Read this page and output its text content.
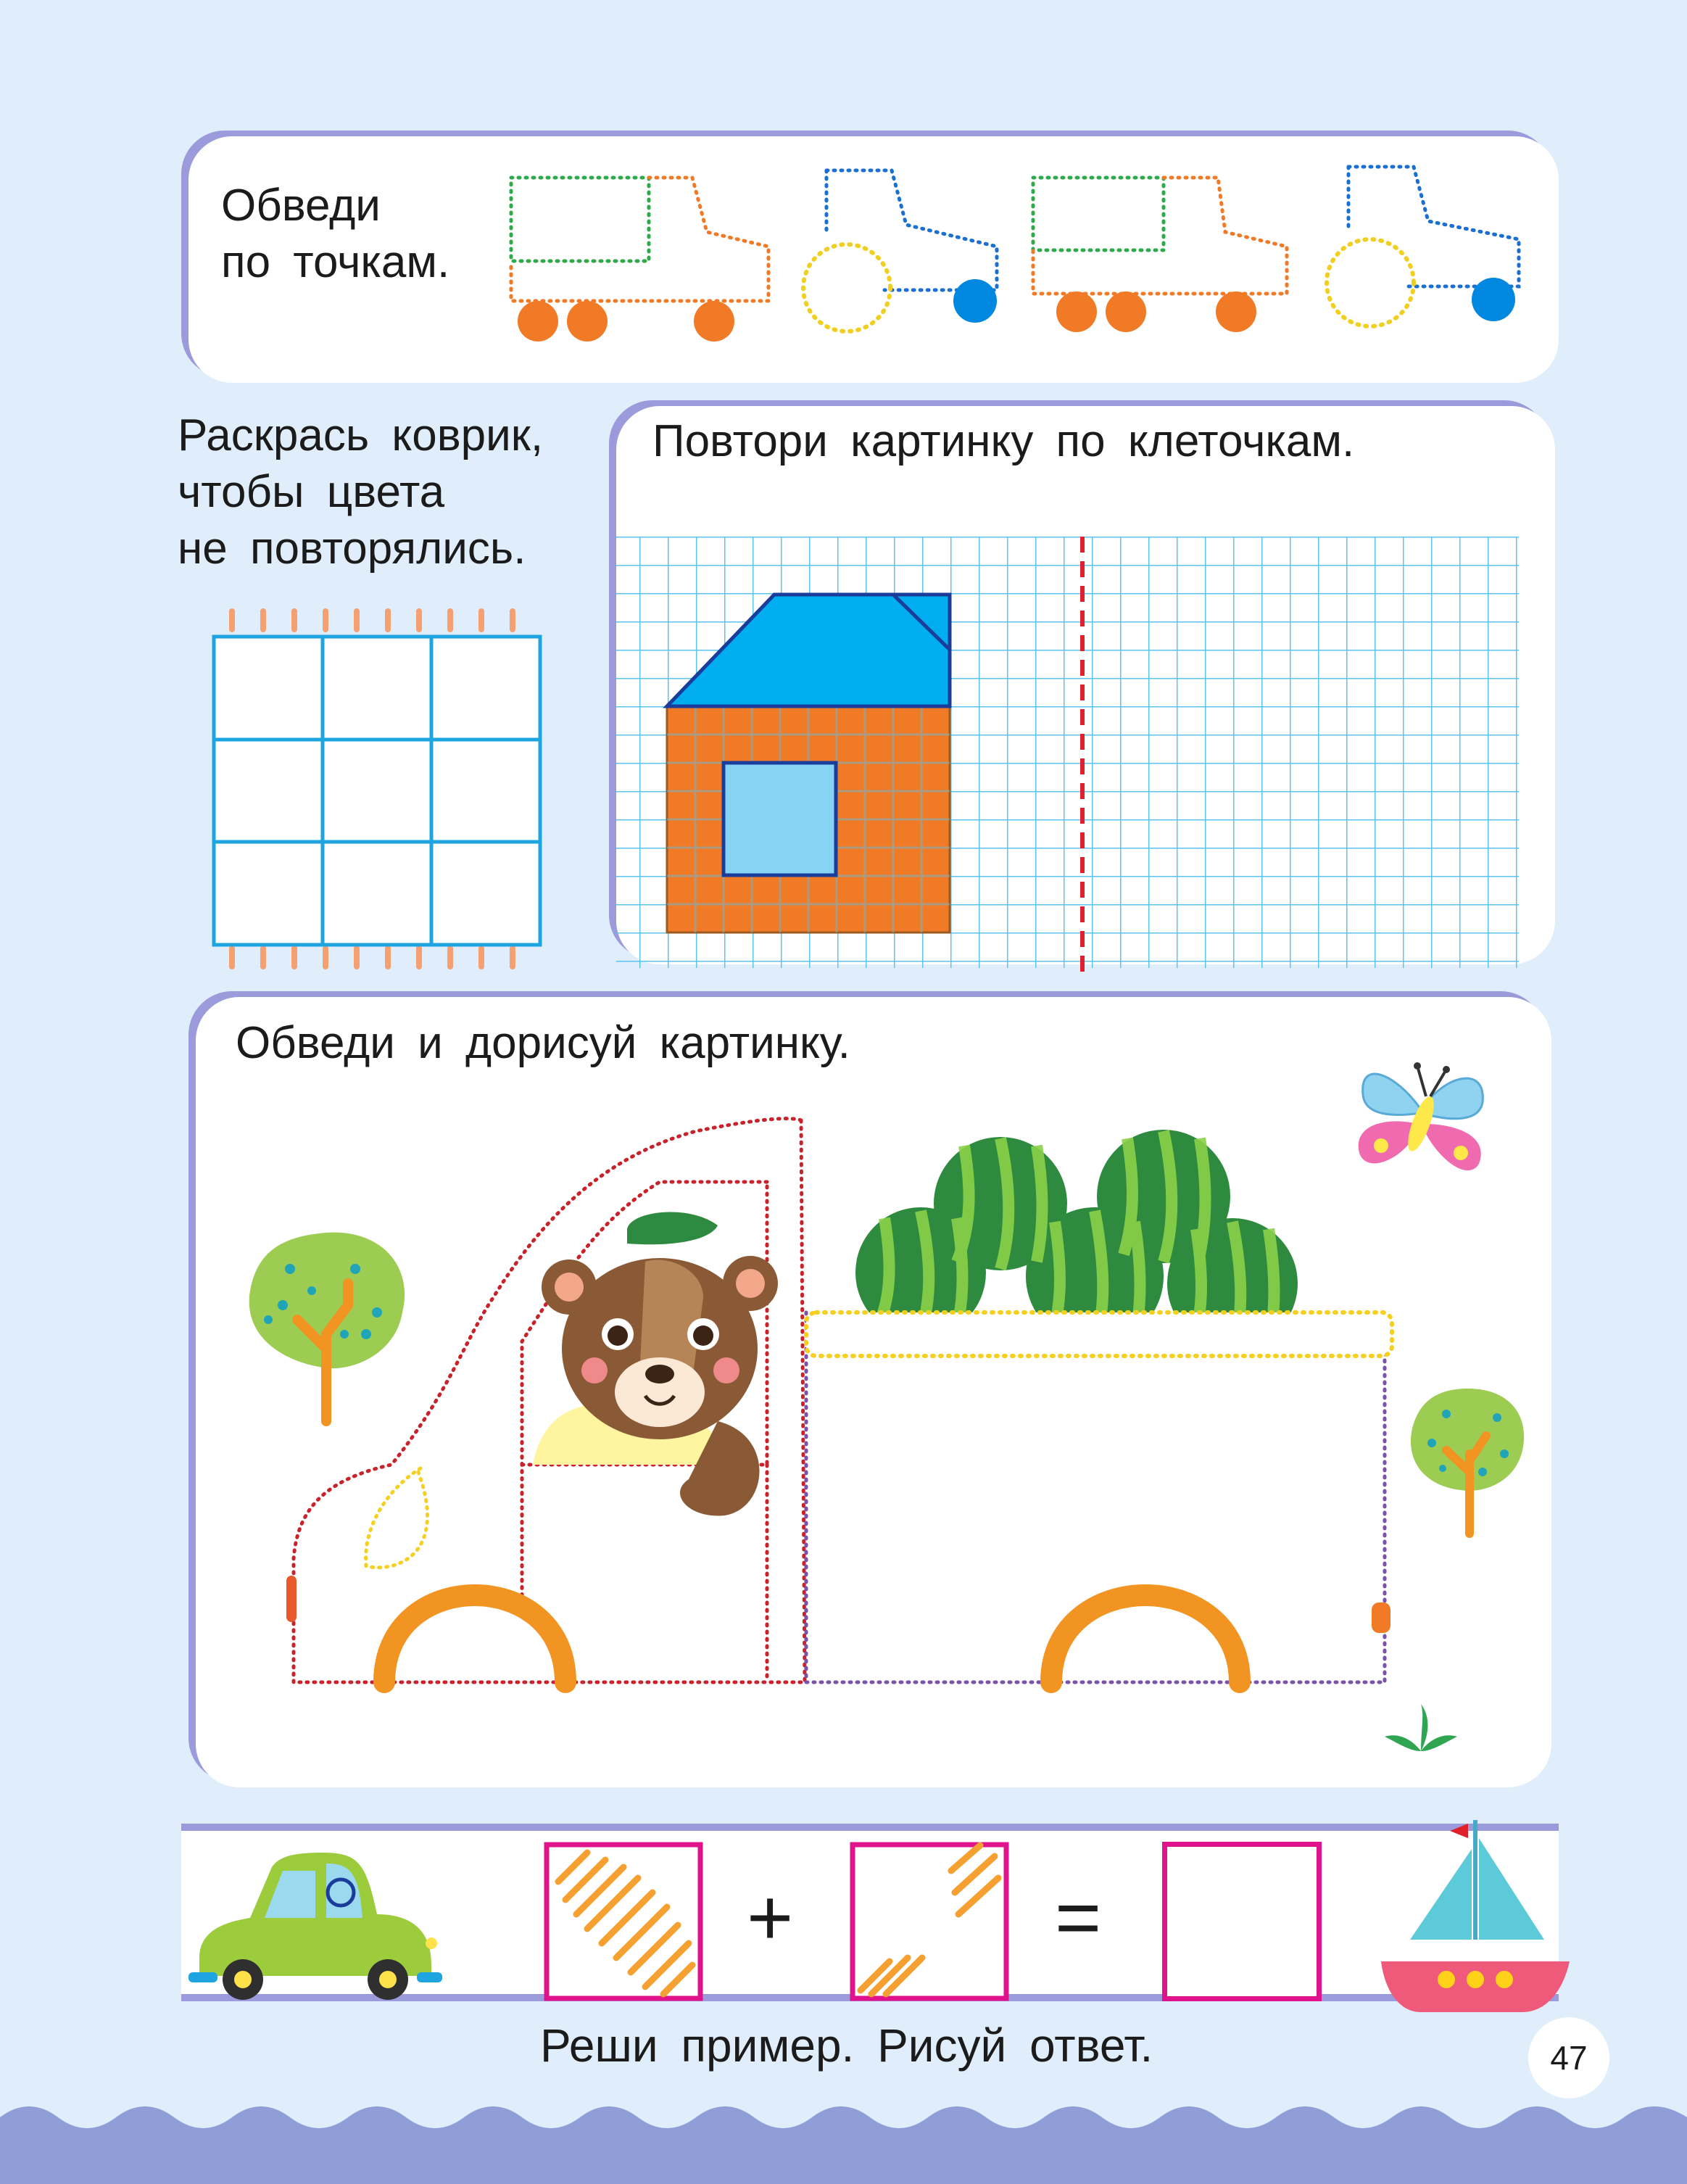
Обведи
по точкам.

Раскрась коврик,
чтобы цвета
не повторялись.

Повтори картинку по клеточкам.

Обведи и дорисуй картинку.

+	=

Реши пример. Рисуй ответ.	47
